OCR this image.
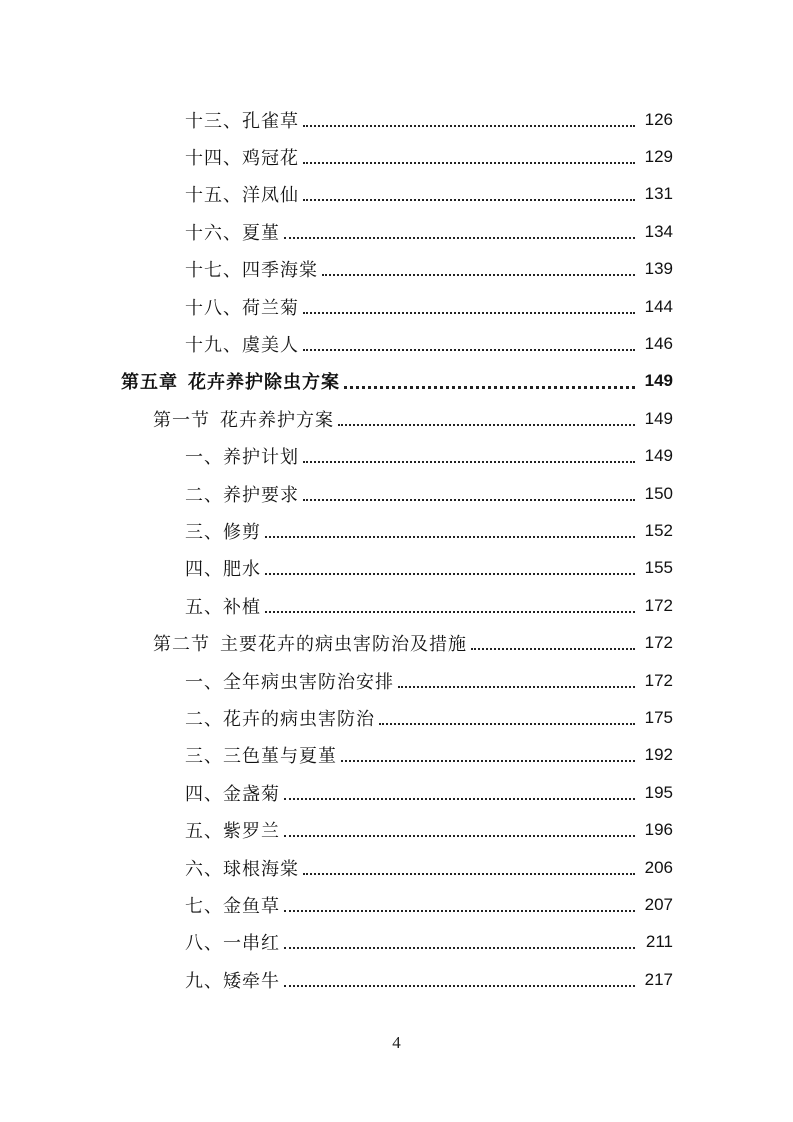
十三、孔雀草	126
十四、鸡冠花	129
十五、洋凤仙	131
十六、夏堇	134
十七、四季海棠	139
十八、荷兰菊	144
十九、虞美人	146
第五章 花卉养护除虫方案	149
第一节 花卉养护方案	149
一、养护计划	149
二、养护要求	150
三、修剪	152
四、肥水	155
五、补植	172
第二节 主要花卉的病虫害防治及措施	172
一、全年病虫害防治安排	172
二、花卉的病虫害防治	175
三、三色堇与夏堇	192
四、金盏菊	195
五、紫罗兰	196
六、球根海棠	206
七、金鱼草	207
八、一串红	211
九、矮牵牛	217
4
